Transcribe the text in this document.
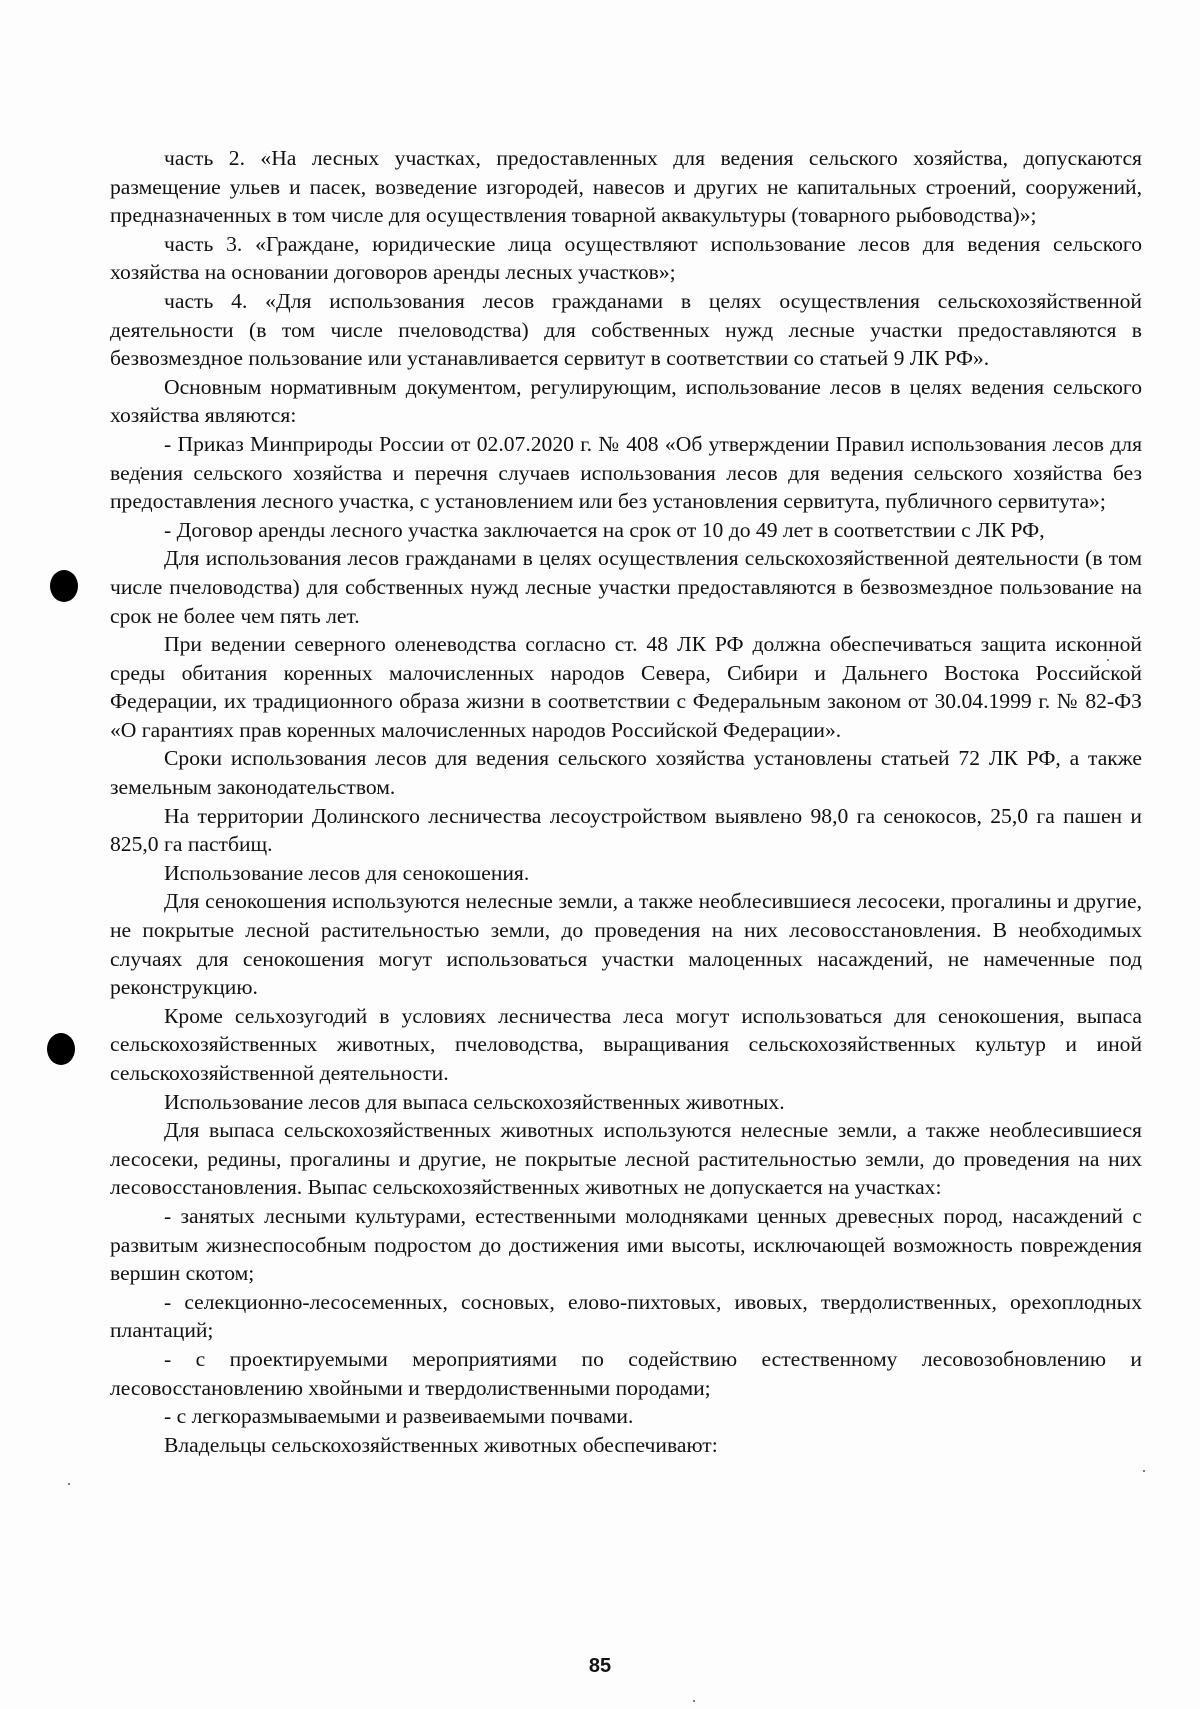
часть 2. «На лесных участках, предоставленных для ведения сельского хозяйства, допускаются размещение ульев и пасек, возведение изгородей, навесов и других не капитальных строений, сооружений, предназначенных в том числе для осуществления товарной аквакультуры (товарного рыбоводства)»;

часть 3. «Граждане, юридические лица осуществляют использование лесов для ведения сельского хозяйства на основании договоров аренды лесных участков»;

часть 4. «Для использования лесов гражданами в целях осуществления сельскохозяйственной деятельности (в том числе пчеловодства) для собственных нужд лесные участки предоставляются в безвозмездное пользование или устанавливается сервитут в соответствии со статьей 9 ЛК РФ».

Основным нормативным документом, регулирующим, использование лесов в целях ведения сельского хозяйства являются:

- Приказ Минприроды России от 02.07.2020 г. № 408 «Об утверждении Правил использования лесов для ведения сельского хозяйства и перечня случаев использования лесов для ведения сельского хозяйства без предоставления лесного участка, с установлением или без установления сервитута, публичного сервитута»;

- Договор аренды лесного участка заключается на срок от 10 до 49 лет в соответствии с ЛК РФ,

Для использования лесов гражданами в целях осуществления сельскохозяйственной деятельности (в том числе пчеловодства) для собственных нужд лесные участки предоставляются в безвозмездное пользование на срок не более чем пять лет.

При ведении северного оленеводства согласно ст. 48 ЛК РФ должна обеспечиваться защита исконной среды обитания коренных малочисленных народов Севера, Сибири и Дальнего Востока Российской Федерации, их традиционного образа жизни в соответствии с Федеральным законом от 30.04.1999 г. № 82-ФЗ «О гарантиях прав коренных малочисленных народов Российской Федерации».

Сроки использования лесов для ведения сельского хозяйства установлены статьей 72 ЛК РФ, а также земельным законодательством.

На территории Долинского лесничества лесоустройством выявлено 98,0 га сенокосов, 25,0 га пашен и 825,0 га пастбищ.

Использование лесов для сенокошения.

Для сенокошения используются нелесные земли, а также необлесившиеся лесосеки, прогалины и другие, не покрытые лесной растительностью земли, до проведения на них лесовосстановления. В необходимых случаях для сенокошения могут использоваться участки малоценных насаждений, не намеченные под реконструкцию.

Кроме сельхозугодий в условиях лесничества леса могут использоваться для сенокошения, выпаса сельскохозяйственных животных, пчеловодства, выращивания сельскохозяйственных культур и иной сельскохозяйственной деятельности.

Использование лесов для выпаса сельскохозяйственных животных.

Для выпаса сельскохозяйственных животных используются нелесные земли, а также необлесившиеся лесосеки, редины, прогалины и другие, не покрытые лесной растительностью земли, до проведения на них лесовосстановления. Выпас сельскохозяйственных животных не допускается на участках:

- занятых лесными культурами, естественными молодняками ценных древесных пород, насаждений с развитым жизнеспособным подростом до достижения ими высоты, исключающей возможность повреждения вершин скотом;

- селекционно-лесосеменных, сосновых, елово-пихтовых, ивовых, твердолиственных, орехоплодных плантаций;

- с проектируемыми мероприятиями по содействию естественному лесовозобновлению и лесовосстановлению хвойными и твердолиственными породами;

- с легкоразмываемыми и развеиваемыми почвами.

Владельцы сельскохозяйственных животных обеспечивают:

85
